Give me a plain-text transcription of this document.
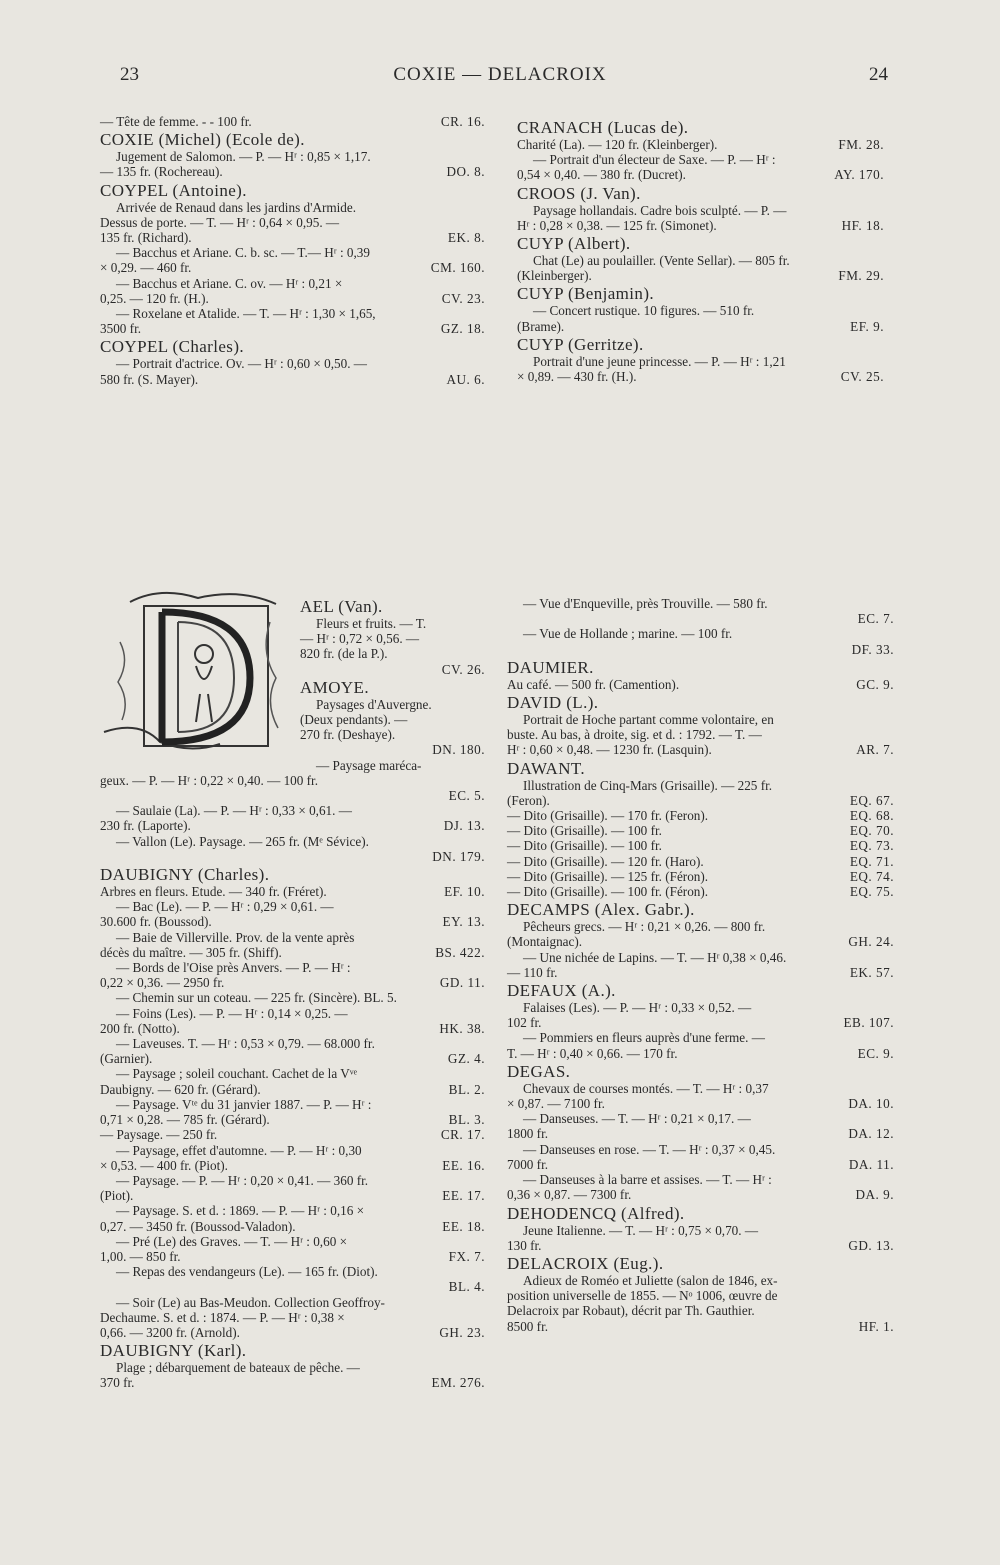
23	COXIE — DELACROIX	24
— Tête de femme. - - 100 fr.	CR. 16.
COXIE (Michel) (Ecole de).
Jugement de Salomon. — P. — Hʳ : 0,85 × 1,17.
— 135 fr. (Rochereau).	DO. 8.
COYPEL (Antoine).
Arrivée de Renaud dans les jardins d'Armide.
Dessus de porte. — T. — Hʳ : 0,64 × 0,95. —
135 fr. (Richard).	EK. 8.
— Bacchus et Ariane. C. b. sc. — T.— Hʳ : 0,39
× 0,29. — 460 fr.	CM. 160.
— Bacchus et Ariane. C. ov. — Hʳ : 0,21 ×
0,25. — 120 fr. (H.).	CV. 23.
— Roxelane et Atalide. — T. — Hʳ : 1,30 × 1,65,
3500 fr.	GZ. 18.
COYPEL (Charles).
— Portrait d'actrice. Ov. — Hʳ : 0,60 × 0,50. —
580 fr. (S. Mayer).	AU. 6.
CRANACH (Lucas de).
Charité (La). — 120 fr. (Kleinberger).	FM. 28.
— Portrait d'un électeur de Saxe. — P. — Hʳ :
0,54 × 0,40. — 380 fr. (Ducret).	AY. 170.
CROOS (J. Van).
Paysage hollandais. Cadre bois sculpté. — P. —
Hʳ : 0,28 × 0,38. — 125 fr. (Simonet).	HF. 18.
CUYP (Albert).
Chat (Le) au poulailler. (Vente Sellar). — 805 fr.
(Kleinberger).	FM. 29.
CUYP (Benjamin).
— Concert rustique. 10 figures. — 510 fr.
(Brame).	EF. 9.
CUYP (Gerritze).
Portrait d'une jeune princesse. — P. — Hʳ : 1,21
× 0,89. — 430 fr. (H.).	CV. 25.
AEL (Van).
Fleurs et fruits. — T.
— Hʳ : 0,72 × 0,56. —
820 fr. (de la P.).
CV. 26.
AMOYE.
Paysages d'Auvergne.
(Deux pendants). —
270 fr. (Deshaye).
DN. 180.
— Paysage maréca-
geux. — P. — Hʳ : 0,22 × 0,40. — 100 fr.
EC. 5.
— Saulaie (La). — P. — Hʳ : 0,33 × 0,61. —
230 fr. (Laporte).	DJ. 13.
— Vallon (Le). Paysage. — 265 fr. (Mᵉ Sévice).
DN. 179.
DAUBIGNY (Charles).
Arbres en fleurs. Etude. — 340 fr. (Fréret).	EF. 10.
— Bac (Le). — P. — Hʳ : 0,29 × 0,61. —
30.600 fr. (Boussod).	EY. 13.
— Baie de Villerville. Prov. de la vente après
décès du maître. — 305 fr. (Shiff).	BS. 422.
— Bords de l'Oise près Anvers. — P. — Hʳ :
0,22 × 0,36. — 2950 fr.	GD. 11.
— Chemin sur un coteau. — 225 fr. (Sincère). BL. 5.
— Foins (Les). — P. — Hʳ : 0,14 × 0,25. —
200 fr. (Notto).	HK. 38.
— Laveuses. T. — Hʳ : 0,53 × 0,79. — 68.000 fr.
(Garnier).	GZ. 4.
— Paysage ; soleil couchant. Cachet de la Vᵛᵉ
Daubigny. — 620 fr. (Gérard).	BL. 2.
— Paysage. Vᵗᵉ du 31 janvier 1887. — P. — Hʳ :
0,71 × 0,28. — 785 fr. (Gérard).	BL. 3.
— Paysage. — 250 fr.	CR. 17.
— Paysage, effet d'automne. — P. — Hʳ : 0,30
× 0,53. — 400 fr. (Piot).	EE. 16.
— Paysage. — P. — Hʳ : 0,20 × 0,41. — 360 fr.
(Piot).	EE. 17.
— Paysage. S. et d. : 1869. — P. — Hʳ : 0,16 ×
0,27. — 3450 fr. (Boussod-Valadon).	EE. 18.
— Pré (Le) des Graves. — T. — Hʳ : 0,60 ×
1,00. — 850 fr.	FX. 7.
— Repas des vendangeurs (Le). — 165 fr. (Diot).
BL. 4.
— Soir (Le) au Bas-Meudon. Collection Geoffroy-
Dechaume. S. et d. : 1874. — P. — Hʳ : 0,38 ×
0,66. — 3200 fr. (Arnold).	GH. 23.
DAUBIGNY (Karl).
Plage ; débarquement de bateaux de pêche. —
370 fr.	EM. 276.
— Vue d'Enqueville, près Trouville. — 580 fr.
EC. 7.
— Vue de Hollande ; marine. — 100 fr.
DF. 33.
DAUMIER.
Au café. — 500 fr. (Camention).	GC. 9.
DAVID (L.).
Portrait de Hoche partant comme volontaire, en
buste. Au bas, à droite, sig. et d. : 1792. — T. —
Hʳ : 0,60 × 0,48. — 1230 fr. (Lasquin).	AR. 7.
DAWANT.
Illustration de Cinq-Mars (Grisaille). — 225 fr.
(Feron).	EQ. 67.
— Dito (Grisaille). — 170 fr. (Feron).	EQ. 68.
— Dito (Grisaille). — 100 fr.	EQ. 70.
— Dito (Grisaille). — 100 fr.	EQ. 73.
— Dito (Grisaille). — 120 fr. (Haro).	EQ. 71.
— Dito (Grisaille). — 125 fr. (Féron).	EQ. 74.
— Dito (Grisaille). — 100 fr. (Féron).	EQ. 75.
DECAMPS (Alex. Gabr.).
Pêcheurs grecs. — Hʳ : 0,21 × 0,26. — 800 fr.
(Montaignac).	GH. 24.
— Une nichée de Lapins. — T. — Hʳ 0,38 × 0,46.
— 110 fr.	EK. 57.
DEFAUX (A.).
Falaises (Les). — P. — Hʳ : 0,33 × 0,52. —
102 fr.	EB. 107.
— Pommiers en fleurs auprès d'une ferme. —
T. — Hʳ : 0,40 × 0,66. — 170 fr.	EC. 9.
DEGAS.
Chevaux de courses montés. — T. — Hʳ : 0,37
× 0,87. — 7100 fr.	DA. 10.
— Danseuses. — T. — Hʳ : 0,21 × 0,17. —
1800 fr.	DA. 12.
— Danseuses en rose. — T. — Hʳ : 0,37 × 0,45.
7000 fr.	DA. 11.
— Danseuses à la barre et assises. — T. — Hʳ :
0,36 × 0,87. — 7300 fr.	DA. 9.
DEHODENCQ (Alfred).
Jeune Italienne. — T. — Hʳ : 0,75 × 0,70. —
130 fr.	GD. 13.
DELACROIX (Eug.).
Adieux de Roméo et Juliette (salon de 1846, ex-
position universelle de 1855. — Nᵒ 1006, œuvre de
Delacroix par Robaut), décrit par Th. Gauthier.
8500 fr.	HF. 1.
